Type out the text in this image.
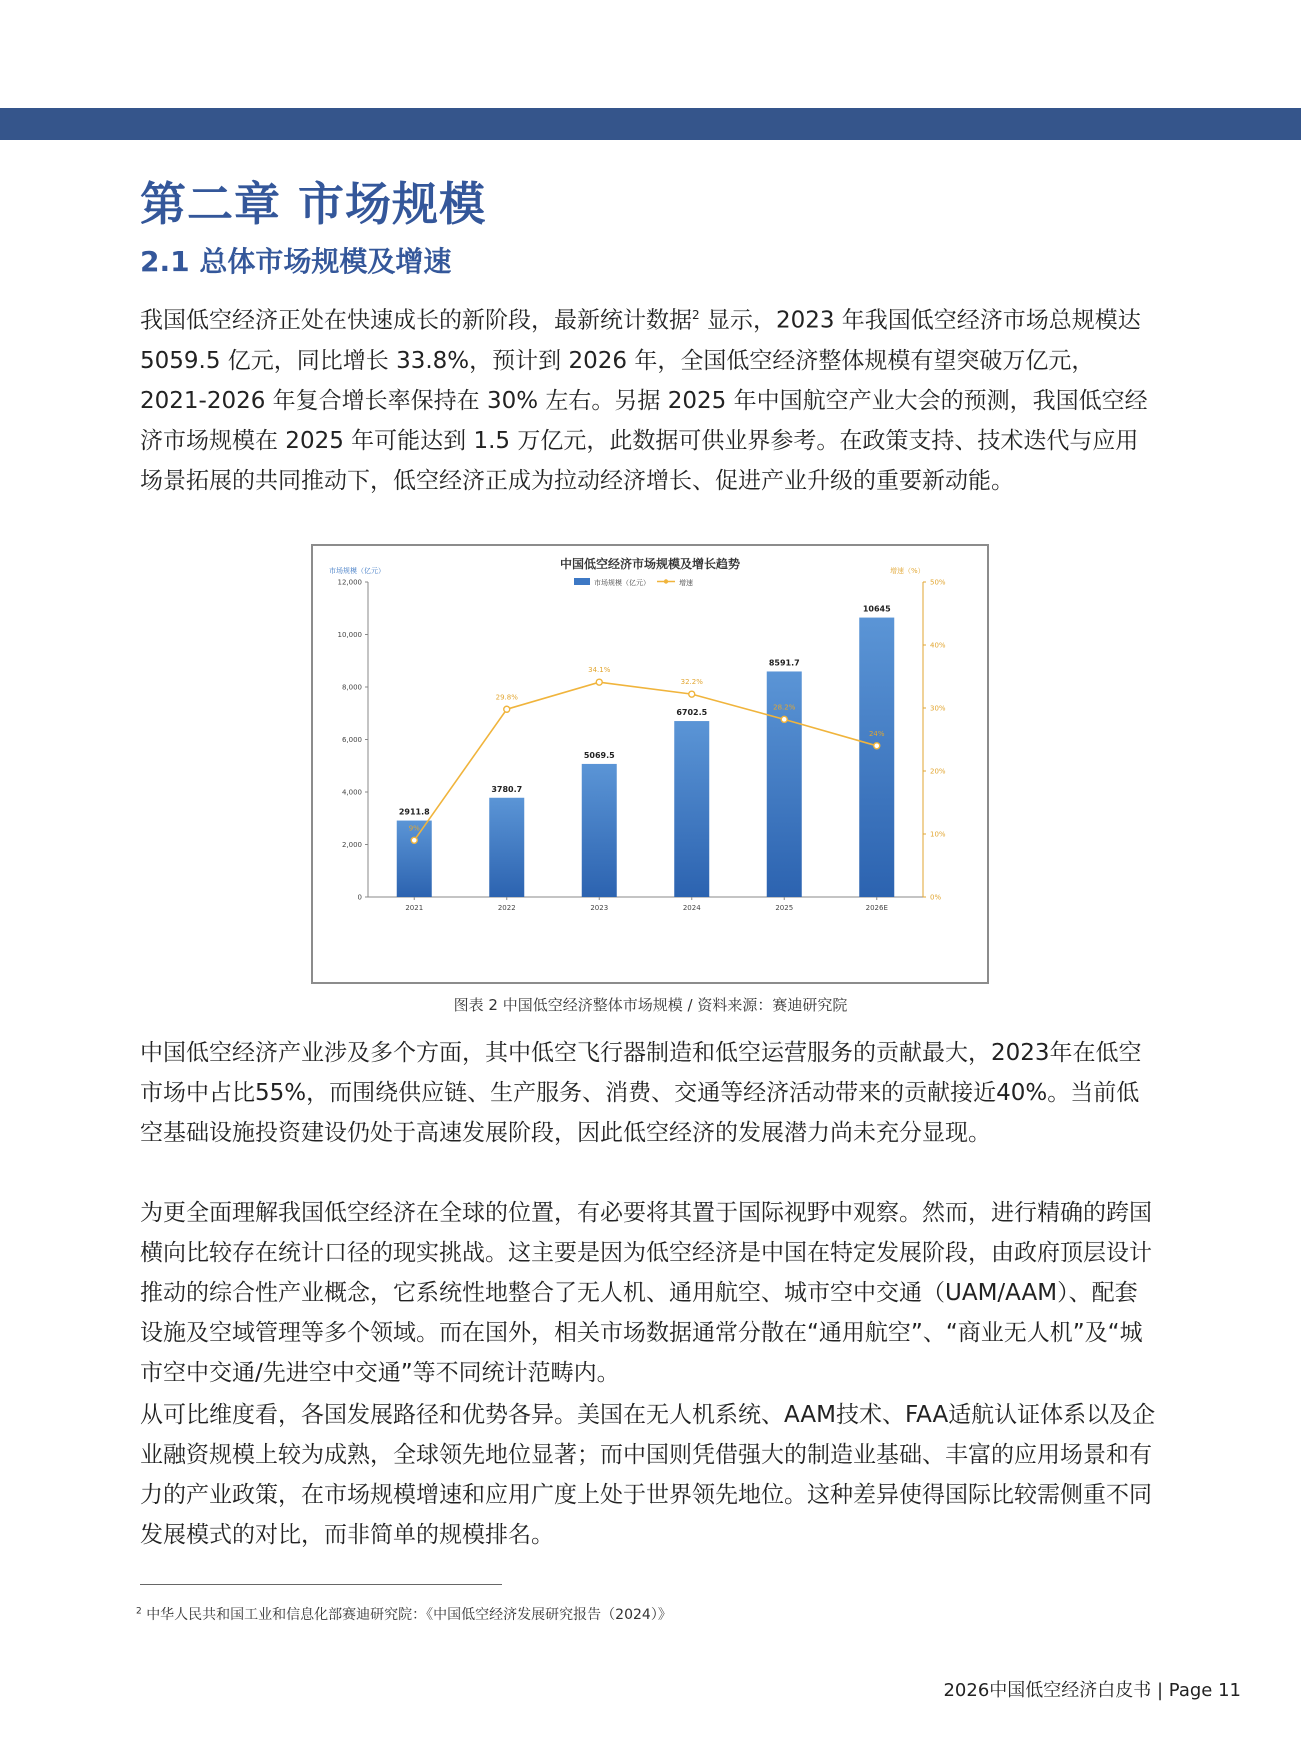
第二章 市场规模
2.1 总体市场规模及增速

我国低空经济正处在快速成长的新阶段，最新统计数据$^2$ 显示，2023 年我国低空经济市场总规模达 5059.5 亿元，同比增长 33.8%，预计到 2026 年，全国低空经济整体规模有望突破万亿元，2021-2026 年复合增长率保持在 30% 左右。另据 2025 年中国航空产业大会的预测，我国低空经济市场规模在 2025 年可能达到 1.5 万亿元，此数据可供业界参考。在政策支持、技术迭代与应用场景拓展的共同推动下，低空经济正成为拉动经济增长、促进产业升级的重要新动能。

中国低空经济市场规模及增长趋势
市场规模（亿元）	增速
市场规模（亿元）	增速（%）
0
2,000
4,000
6,000
8,000
10,000
12,000
0%
10%
20%
30%
40%
50%
2911.8
3780.7
5069.5
6702.5
8591.7
10645
2021	2022	2023	2024	2025	2026E
9%
29.8%
34.1%
32.2%
28.2%
24%
图表 2 中国低空经济整体市场规模 / 资料来源：赛迪研究院

中国低空经济产业涉及多个方面，其中低空飞行器制造和低空运营服务的贡献最大，2023年在低空市场中占比55%，而围绕供应链、生产服务、消费、交通等经济活动带来的贡献接近40%。当前低空基础设施投资建设仍处于高速发展阶段，因此低空经济的发展潜力尚未充分显现。

为更全面理解我国低空经济在全球的位置，有必要将其置于国际视野中观察。然而，进行精确的跨国横向比较存在统计口径的现实挑战。这主要是因为低空经济是中国在特定发展阶段，由政府顶层设计推动的综合性产业概念，它系统性地整合了无人机、通用航空、城市空中交通（UAM/AAM）、配套设施及空域管理等多个领域。而在国外，相关市场数据通常分散在“通用航空”、“商业无人机”及“城市空中交通/先进空中交通”等不同统计范畴内。

从可比维度看，各国发展路径和优势各异。美国在无人机系统、AAM技术、FAA适航认证体系以及企业融资规模上较为成熟，全球领先地位显著；而中国则凭借强大的制造业基础、丰富的应用场景和有力的产业政策，在市场规模增速和应用广度上处于世界领先地位。这种差异使得国际比较需侧重不同发展模式的对比，而非简单的规模排名。

$^2$ 中华人民共和国工业和信息化部赛迪研究院：《中国低空经济发展研究报告（2024）》
2026中国低空经济白皮书 | Page 11
